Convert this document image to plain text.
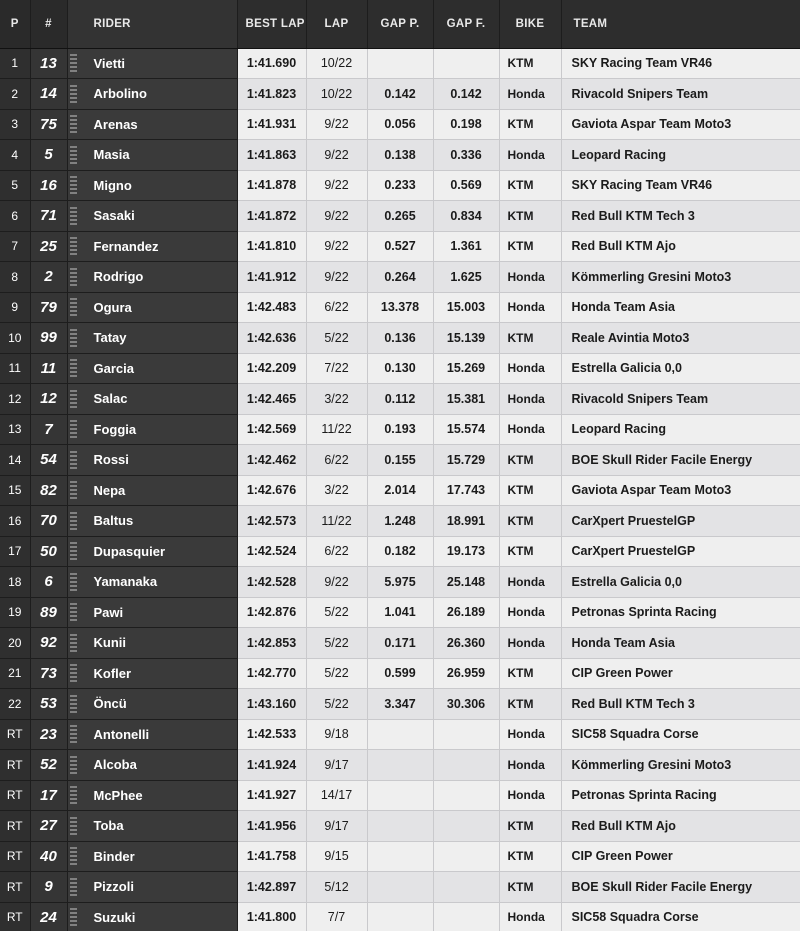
P	#	RIDER	BEST LAP	LAP	GAP P.	GAP F.	BIKE	TEAM
1	13	Vietti	1:41.690	10/22			KTM	SKY Racing Team VR46
2	14	Arbolino	1:41.823	10/22	0.142	0.142	Honda	Rivacold Snipers Team
3	75	Arenas	1:41.931	9/22	0.056	0.198	KTM	Gaviota Aspar Team Moto3
4	5	Masia	1:41.863	9/22	0.138	0.336	Honda	Leopard Racing
5	16	Migno	1:41.878	9/22	0.233	0.569	KTM	SKY Racing Team VR46
6	71	Sasaki	1:41.872	9/22	0.265	0.834	KTM	Red Bull KTM Tech 3
7	25	Fernandez	1:41.810	9/22	0.527	1.361	KTM	Red Bull KTM Ajo
8	2	Rodrigo	1:41.912	9/22	0.264	1.625	Honda	Kömmerling Gresini Moto3
9	79	Ogura	1:42.483	6/22	13.378	15.003	Honda	Honda Team Asia
10	99	Tatay	1:42.636	5/22	0.136	15.139	KTM	Reale Avintia Moto3
11	11	Garcia	1:42.209	7/22	0.130	15.269	Honda	Estrella Galicia 0,0
12	12	Salac	1:42.465	3/22	0.112	15.381	Honda	Rivacold Snipers Team
13	7	Foggia	1:42.569	11/22	0.193	15.574	Honda	Leopard Racing
14	54	Rossi	1:42.462	6/22	0.155	15.729	KTM	BOE Skull Rider Facile Energy
15	82	Nepa	1:42.676	3/22	2.014	17.743	KTM	Gaviota Aspar Team Moto3
16	70	Baltus	1:42.573	11/22	1.248	18.991	KTM	CarXpert PruestelGP
17	50	Dupasquier	1:42.524	6/22	0.182	19.173	KTM	CarXpert PruestelGP
18	6	Yamanaka	1:42.528	9/22	5.975	25.148	Honda	Estrella Galicia 0,0
19	89	Pawi	1:42.876	5/22	1.041	26.189	Honda	Petronas Sprinta Racing
20	92	Kunii	1:42.853	5/22	0.171	26.360	Honda	Honda Team Asia
21	73	Kofler	1:42.770	5/22	0.599	26.959	KTM	CIP Green Power
22	53	Öncü	1:43.160	5/22	3.347	30.306	KTM	Red Bull KTM Tech 3
RT	23	Antonelli	1:42.533	9/18			Honda	SIC58 Squadra Corse
RT	52	Alcoba	1:41.924	9/17			Honda	Kömmerling Gresini Moto3
RT	17	McPhee	1:41.927	14/17			Honda	Petronas Sprinta Racing
RT	27	Toba	1:41.956	9/17			KTM	Red Bull KTM Ajo
RT	40	Binder	1:41.758	9/15			KTM	CIP Green Power
RT	9	Pizzoli	1:42.897	5/12			KTM	BOE Skull Rider Facile Energy
RT	24	Suzuki	1:41.800	7/7			Honda	SIC58 Squadra Corse
